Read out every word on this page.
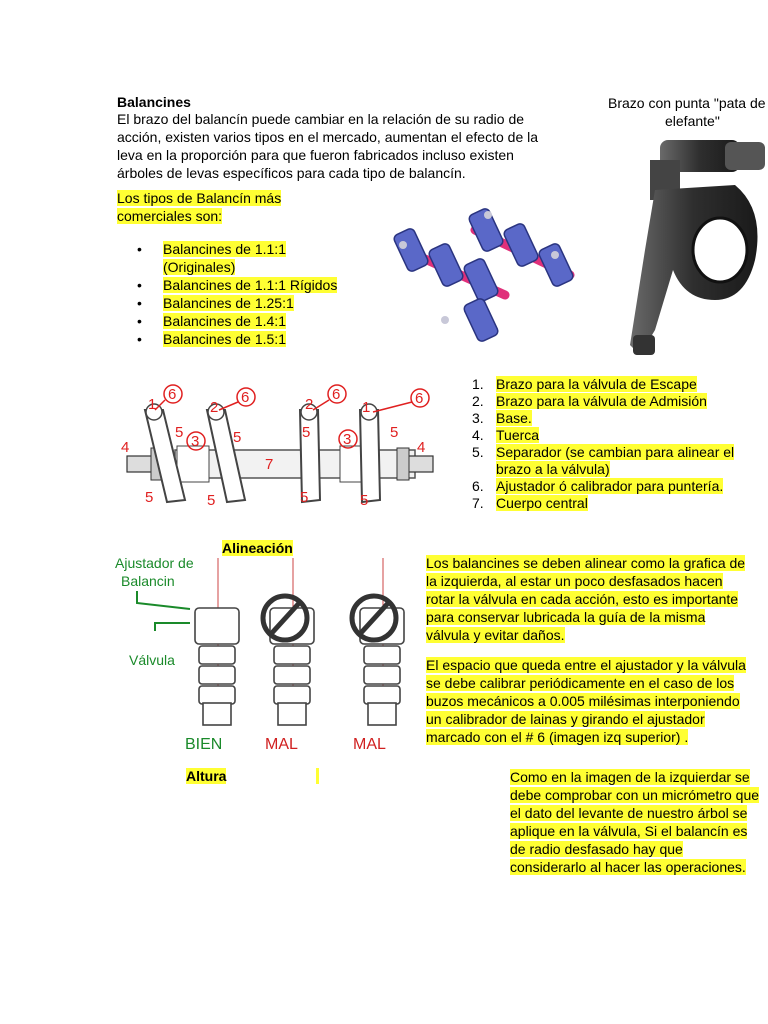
Balancines
El brazo del balancín puede cambiar en la relación de su radio de
acción, existen varios tipos en el mercado, aumentan el efecto de la
leva en la proporción para que fueron fabricados incluso existen
árboles de levas específicos para cada tipo de balancín.
Brazo con punta "pata de
elefante"
Los tipos de Balancín más
comerciales son:
• Balancines de 1.1:1
(Originales)
• Balancines de 1.1:1 Rígidos
• Balancines de 1.25:1
• Balancines de 1.4:1
• Balancines de 1.5:1
6	6	6	6
1	2	2	1
4	4
5	5	5	5
5	5	5	5
3	3
7
1. Brazo para la válvula de Escape
2. Brazo para la válvula de Admisión
3. Base.
4. Tuerca
5. Separador (se cambian para alinear el
brazo a la válvula)
6. Ajustador ó calibrador para puntería.
7. Cuerpo central
Alineación
Ajustador de
Balancin
Válvula
BIEN	MAL	MAL
Los balancines se deben alinear como la grafica de
la izquierda, al estar un poco desfasados hacen
rotar la válvula en cada acción, esto es importante
para conservar lubricada la guía de la misma
válvula y evitar daños.
El espacio que queda entre el ajustador y la válvula
se debe calibrar periódicamente en el caso de los
buzos mecánicos a 0.005 milésimas interponiendo
un calibrador de lainas y girando el ajustador
marcado con el # 6 (imagen izq superior) .
Altura	Como en la imagen de la izquierdar se
debe comprobar con un micrómetro que
el dato del levante de nuestro árbol se
aplique en la válvula, Si el balancín es
de radio desfasado hay que
considerarlo al hacer las operaciones.
